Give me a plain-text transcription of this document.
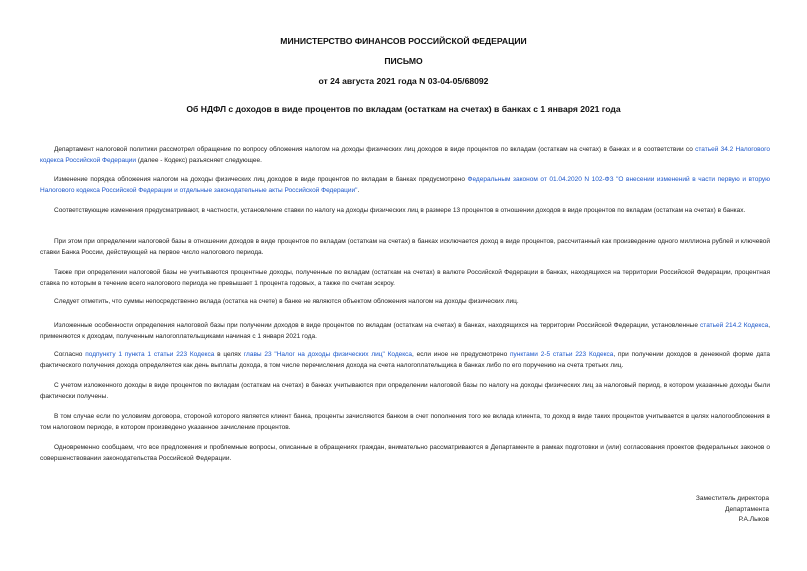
МИНИСТЕРСТВО ФИНАНСОВ РОССИЙСКОЙ ФЕДЕРАЦИИ
ПИСЬМО
от 24 августа 2021 года N 03-04-05/68092
Об НДФЛ с доходов в виде процентов по вкладам (остаткам на счетах) в банках с 1 января 2021 года
Департамент налоговой политики рассмотрел обращение по вопросу обложения налогом на доходы физических лиц доходов в виде процентов по вкладам (остаткам на счетах) в банках и в соответствии со статьей 34.2 Налогового кодекса Российской Федерации (далее - Кодекс) разъясняет следующее.
Изменение порядка обложения налогом на доходы физических лиц доходов в виде процентов по вкладам в банках предусмотрено Федеральным законом от 01.04.2020 N 102-ФЗ "О внесении изменений в части первую и вторую Налогового кодекса Российской Федерации и отдельные законодательные акты Российской Федерации".
Соответствующие изменения предусматривают, в частности, установление ставки по налогу на доходы физических лиц в размере 13 процентов в отношении доходов в виде процентов по вкладам (остаткам на счетах) в банках.
При этом при определении налоговой базы в отношении доходов в виде процентов по вкладам (остаткам на счетах) в банках исключается доход в виде процентов, рассчитанный как произведение одного миллиона рублей и ключевой ставки Банка России, действующей на первое число налогового периода.
Также при определении налоговой базы не учитываются процентные доходы, полученные по вкладам (остаткам на счетах) в валюте Российской Федерации в банках, находящихся на территории Российской Федерации, процентная ставка по которым в течение всего налогового периода не превышает 1 процента годовых, а также по счетам эскроу.
Следует отметить, что суммы непосредственно вклада (остатка на счете) в банке не являются объектом обложения налогом на доходы физических лиц.
Изложенные особенности определения налоговой базы при получении доходов в виде процентов по вкладам (остаткам на счетах) в банках, находящихся на территории Российской Федерации, установленные статьей 214.2 Кодекса, применяются к доходам, полученным налогоплательщиками начиная с 1 января 2021 года.
Согласно подпункту 1 пункта 1 статьи 223 Кодекса в целях главы 23 "Налог на доходы физических лиц" Кодекса, если иное не предусмотрено пунктами 2-5 статьи 223 Кодекса, при получении доходов в денежной форме дата фактического получения дохода определяется как день выплаты дохода, в том числе перечисления дохода на счета налогоплательщика в банках либо по его поручению на счета третьих лиц.
С учетом изложенного доходы в виде процентов по вкладам (остаткам на счетах) в банках учитываются при определении налоговой базы по налогу на доходы физических лиц за налоговый период, в котором указанные доходы были фактически получены.
В том случае если по условиям договора, стороной которого является клиент банка, проценты зачисляются банком в счет пополнения того же вклада клиента, то доход в виде таких процентов учитывается в целях налогообложения в том налоговом периоде, в котором произведено указанное зачисление процентов.
Одновременно сообщаем, что все предложения и проблемные вопросы, описанные в обращениях граждан, внимательно рассматриваются в Департаменте в рамках подготовки и (или) согласования проектов федеральных законов о совершенствовании законодательства Российской Федерации.
Заместитель директора
Департамента
Р.А.Лыков
